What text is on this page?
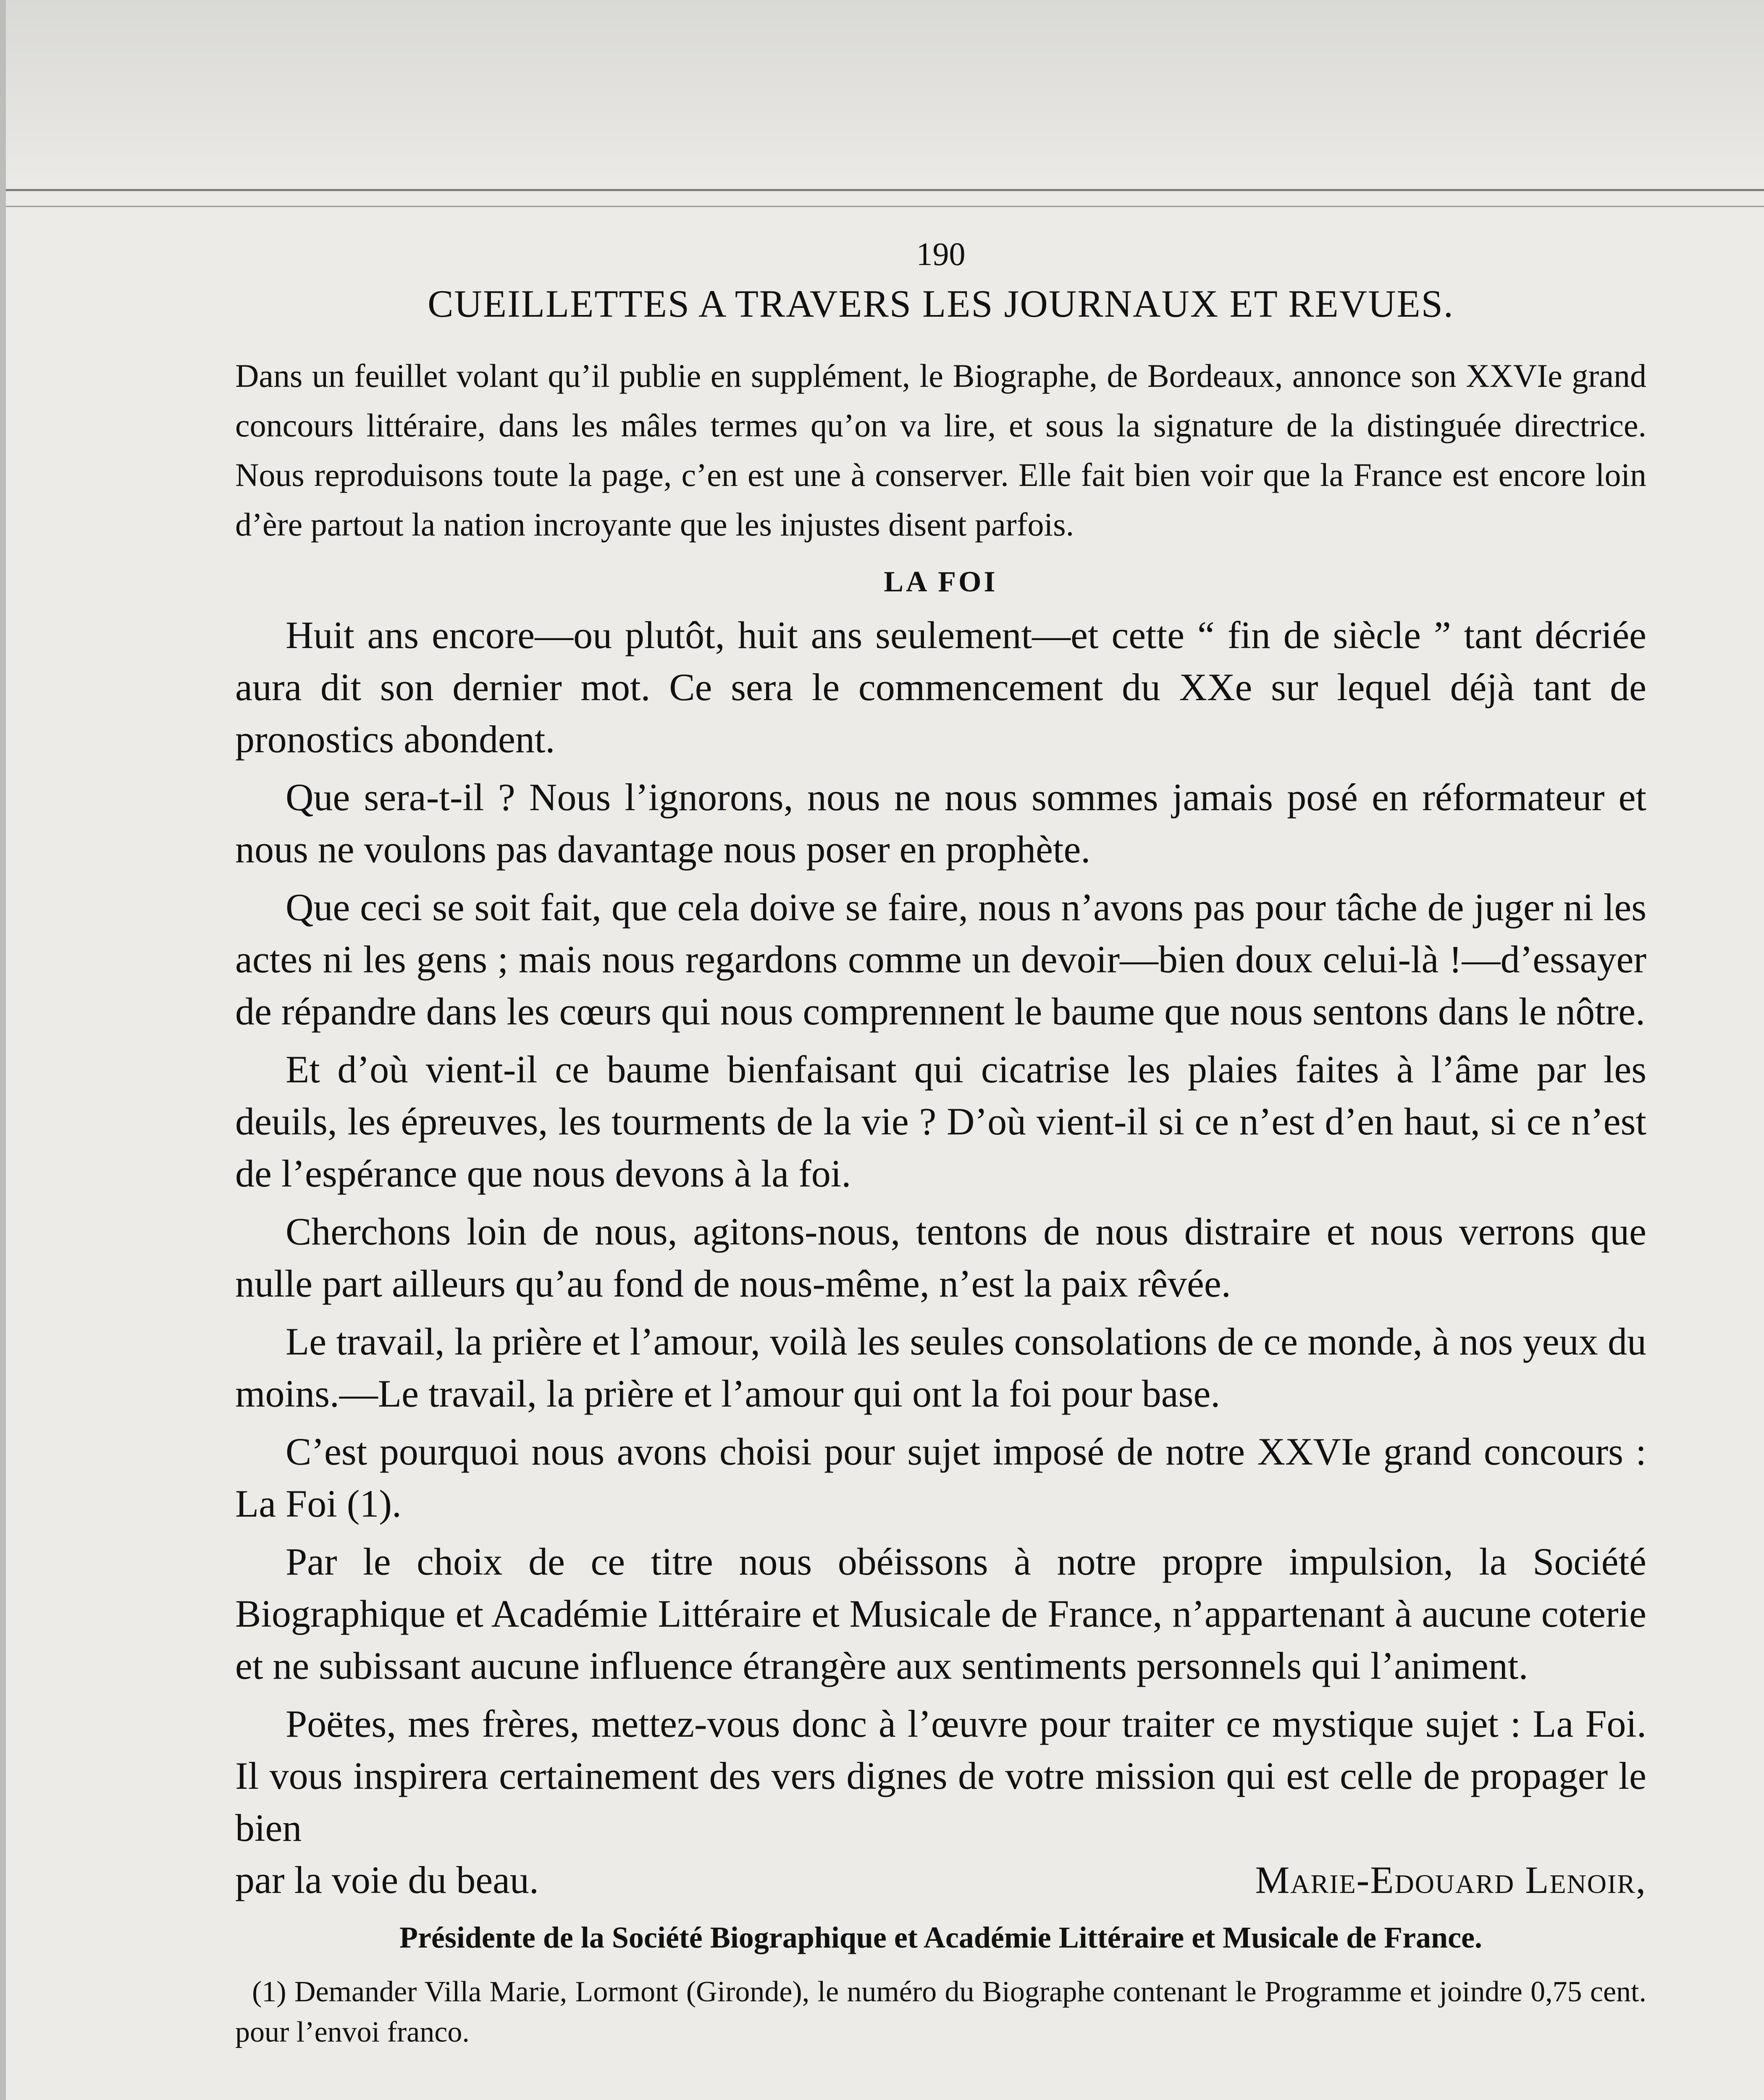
190
CUEILLETTES A TRAVERS LES JOURNAUX ET REVUES.

Dans un feuillet volant qu’il publie en supplément, le Biographe, de Bordeaux, annonce son XXVIe grand concours littéraire, dans les mâles termes qu’on va lire, et sous la signature de la distinguée directrice. Nous reproduisons toute la page, c’en est une à conserver. Elle fait bien voir que la France est encore loin d’ère partout la nation incroyante que les injustes disent parfois.

LA FOI

Huit ans encore—ou plutôt, huit ans seulement—et cette “ fin de siècle ” tant décriée aura dit son dernier mot. Ce sera le commencement du XXe sur lequel déjà tant de pronostics abondent.

Que sera-t-il ? Nous l’ignorons, nous ne nous sommes jamais posé en réformateur et nous ne voulons pas davantage nous poser en prophète.

Que ceci se soit fait, que cela doive se faire, nous n’avons pas pour tâche de juger ni les actes ni les gens ; mais nous regardons comme un devoir—bien doux celui-là !—d’essayer de répandre dans les cœurs qui nous comprennent le baume que nous sentons dans le nôtre.

Et d’où vient-il ce baume bienfaisant qui cicatrise les plaies faites à l’âme par les deuils, les épreuves, les tourments de la vie ? D’où vient-il si ce n’est d’en haut, si ce n’est de l’espérance que nous devons à la foi.

Cherchons loin de nous, agitons-nous, tentons de nous distraire et nous verrons que nulle part ailleurs qu’au fond de nous-même, n’est la paix rêvée.

Le travail, la prière et l’amour, voilà les seules consolations de ce monde, à nos yeux du moins.—Le travail, la prière et l’amour qui ont la foi pour base.

C’est pourquoi nous avons choisi pour sujet imposé de notre XXVIe grand concours : La Foi (1).

Par le choix de ce titre nous obéissons à notre propre impulsion, la Société Biographique et Académie Littéraire et Musicale de France, n’appartenant à aucune coterie et ne subissant aucune influence étrangère aux sentiments personnels qui l’animent.

Poëtes, mes frères, mettez-vous donc à l’œuvre pour traiter ce mystique sujet : La Foi. Il vous inspirera certainement des vers dignes de votre mission qui est celle de propager le bien

par la voie du beau.	Marie-Edouard Lenoir,
Présidente de la Société Biographique et Académie Littéraire et Musicale de France.

(1) Demander Villa Marie, Lormont (Gironde), le numéro du Biographe contenant le Programme et joindre 0,75 cent. pour l’envoi franco.
